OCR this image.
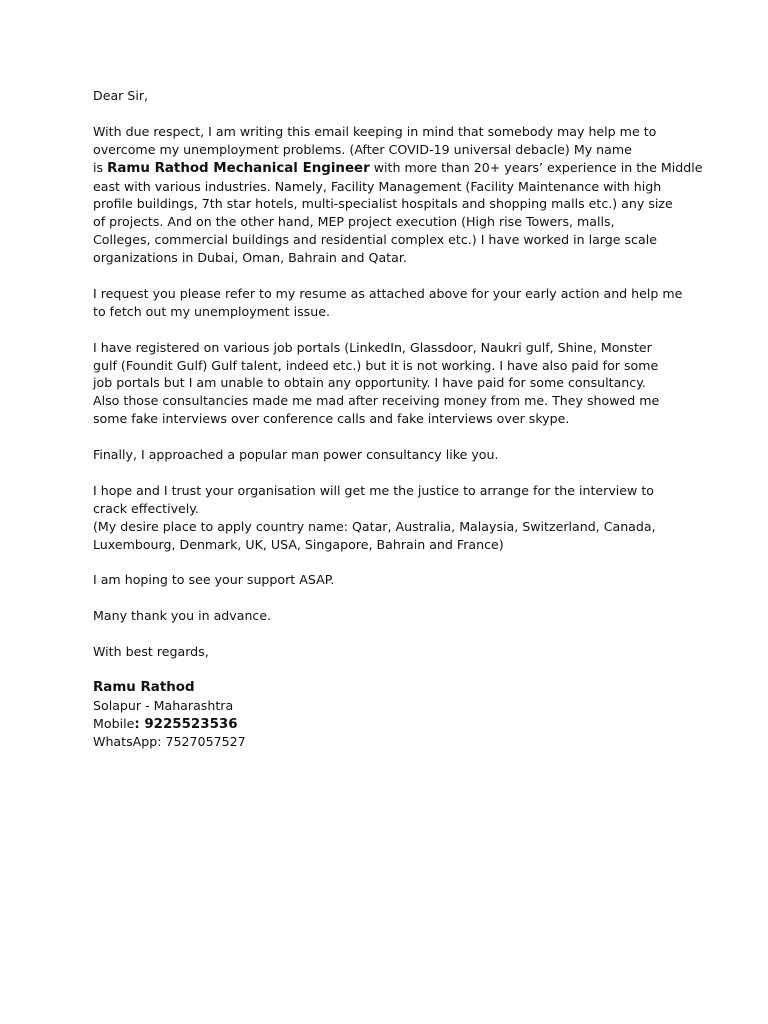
Dear Sir,

With due respect, I am writing this email keeping in mind that somebody may help me to
overcome my unemployment problems. (After COVID-19 universal debacle) My name
is Ramu Rathod Mechanical Engineer with more than 20+ years’ experience in the Middle
east with various industries. Namely, Facility Management (Facility Maintenance with high
profile buildings, 7th star hotels, multi-specialist hospitals and shopping malls etc.) any size
of projects. And on the other hand, MEP project execution (High rise Towers, malls,
Colleges, commercial buildings and residential complex etc.) I have worked in large scale
organizations in Dubai, Oman, Bahrain and Qatar.

I request you please refer to my resume as attached above for your early action and help me
to fetch out my unemployment issue.

I have registered on various job portals (LinkedIn, Glassdoor, Naukri gulf, Shine, Monster
gulf (Foundit Gulf) Gulf talent, indeed etc.) but it is not working. I have also paid for some
job portals but I am unable to obtain any opportunity. I have paid for some consultancy.
Also those consultancies made me mad after receiving money from me. They showed me
some fake interviews over conference calls and fake interviews over skype.

Finally, I approached a popular man power consultancy like you.

I hope and I trust your organisation will get me the justice to arrange for the interview to
crack effectively.
(My desire place to apply country name: Qatar, Australia, Malaysia, Switzerland, Canada,
Luxembourg, Denmark, UK, USA, Singapore, Bahrain and France)

I am hoping to see your support ASAP.

Many thank you in advance.

With best regards,

Ramu Rathod
Solapur - Maharashtra
Mobile: 9225523536
WhatsApp: 7527057527
